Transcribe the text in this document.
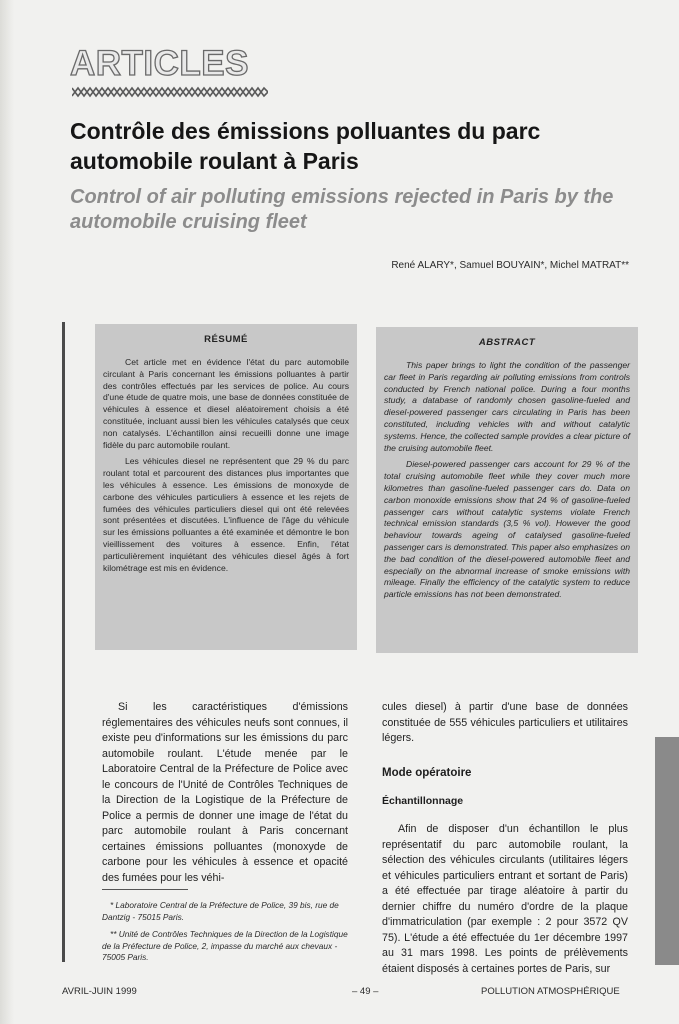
ARTICLES
Contrôle des émissions polluantes du parc automobile roulant à Paris
Control of air polluting emissions rejected in Paris by the automobile cruising fleet
René ALARY*, Samuel BOUYAIN*, Michel MATRAT**
RÉSUMÉ

Cet article met en évidence l'état du parc automobile circulant à Paris concernant les émissions polluantes à partir des contrôles effectués par les services de police. Au cours d'une étude de quatre mois, une base de données constituée de véhicules à essence et diesel aléatoirement choisis a été constituée, incluant aussi bien les véhicules catalysés que ceux non catalysés. L'échantillon ainsi recueilli donne une image fidèle du parc automobile roulant.

Les véhicules diesel ne représentent que 29 % du parc roulant total et parcourent des distances plus importantes que les véhicules à essence. Les émissions de monoxyde de carbone des véhicules particuliers à essence et les rejets de fumées des véhicules particuliers diesel qui ont été relevées sont présentées et discutées. L'influence de l'âge du véhicule sur les émissions polluantes a été examinée et démontre le bon vieillissement des voitures à essence. Enfin, l'état particulièrement inquiétant des véhicules diesel âgés à fort kilométrage est mis en évidence.

ABSTRACT

This paper brings to light the condition of the passenger car fleet in Paris regarding air polluting emissions from controls conducted by French national police. During a four months study, a database of randomly chosen gasoline-fueled and diesel-powered passenger cars circulating in Paris has been constituted, including vehicles with and without catalytic systems. Hence, the collected sample provides a clear picture of the cruising automobile fleet.

Diesel-powered passenger cars account for 29 % of the total cruising automobile fleet while they cover much more kilometres than gasoline-fueled passenger cars do. Data on carbon monoxide emissions show that 24 % of gasoline-fueled passenger cars without catalytic systems violate French technical emission standards (3,5 % vol). However the good behaviour towards ageing of catalysed gasoline-fueled passenger cars is demonstrated. This paper also emphasizes on the bad condition of the diesel-powered automobile fleet and especially on the abnormal increase of smoke emissions with mileage. Finally the efficiency of the catalytic system to reduce particle emissions has not been demonstrated.

Si les caractéristiques d'émissions réglementaires des véhicules neufs sont connues, il existe peu d'informations sur les émissions du parc automobile roulant. L'étude menée par le Laboratoire Central de la Préfecture de Police avec le concours de l'Unité de Contrôles Techniques de la Direction de la Logistique de la Préfecture de Police a permis de donner une image de l'état du parc automobile roulant à Paris concernant certaines émissions polluantes (monoxyde de carbone pour les véhicules à essence et opacité des fumées pour les véhi-

* Laboratoire Central de la Préfecture de Police, 39 bis, rue de Dantzig - 75015 Paris.

** Unité de Contrôles Techniques de la Direction de la Logistique de la Préfecture de Police, 2, impasse du marché aux chevaux - 75005 Paris.

cules diesel) à partir d'une base de données constituée de 555 véhicules particuliers et utilitaires légers.

Mode opératoire
Échantillonnage

Afin de disposer d'un échantillon le plus représentatif du parc automobile roulant, la sélection des véhicules circulants (utilitaires légers et véhicules particuliers entrant et sortant de Paris) a été effectuée par tirage aléatoire à partir du dernier chiffre du numéro d'ordre de la plaque d'immatriculation (par exemple : 2 pour 3572 QV 75). L'étude a été effectuée du 1er décembre 1997 au 31 mars 1998. Les points de prélèvements étaient disposés à certaines portes de Paris, sur

AVRIL-JUIN 1999	– 49 –	POLLUTION ATMOSPHÉRIQUE
